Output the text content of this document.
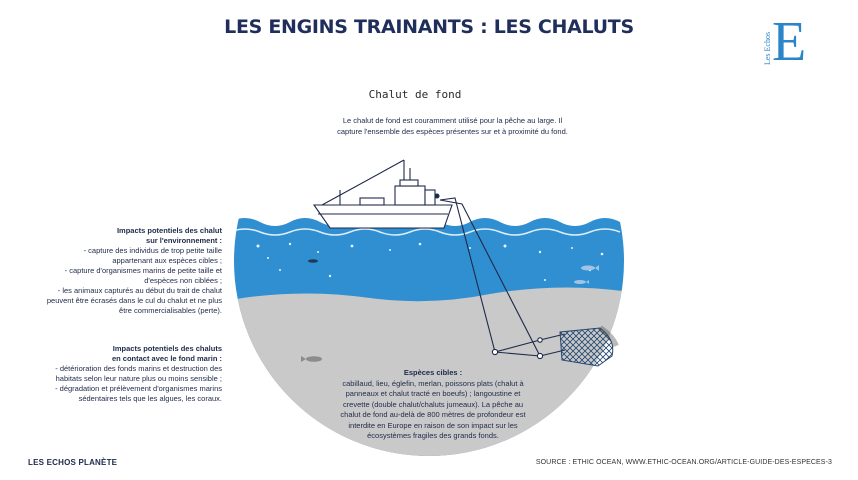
LES ENGINS TRAINANTS : LES CHALUTS
Les Echos E
Chalut de fond
Le chalut de fond est couramment utilisé pour la pêche au large. Il capture l'ensemble des espèces présentes sur et à proximité du fond.
Impacts potentiels des chalut
sur l'environnement :
- capture des individus de trop petite taille
appartenant aux espèces cibles ;
- capture d'organismes marins de petite taille et
d'espèces non ciblées ;
- les animaux capturés au début du trait de chalut
peuvent être écrasés dans le cul du chalut et ne plus
être commercialisables (perte).
Impacts potentiels des chaluts
en contact avec le fond marin :
- détérioration des fonds marins et destruction des
habitats selon leur nature plus ou moins sensible ;
- dégradation et prélèvement d'organismes marins
sédentaires tels que les algues, les coraux.
Espèces cibles :
cabillaud, lieu, églefin, merlan, poissons plats (chalut à
panneaux et chalut tracté en boeufs) ; langoustine et
crevette (double chalut/chaluts jumeaux). La pêche au
chalut de fond au-delà de 800 mètres de profondeur est
interdite en Europe en raison de son impact sur les
écosystèmes fragiles des grands fonds.
LES ECHOS PLANÈTE	SOURCE : ETHIC OCEAN, WWW.ETHIC-OCEAN.ORG/ARTICLE-GUIDE-DES-ESPECES-3
